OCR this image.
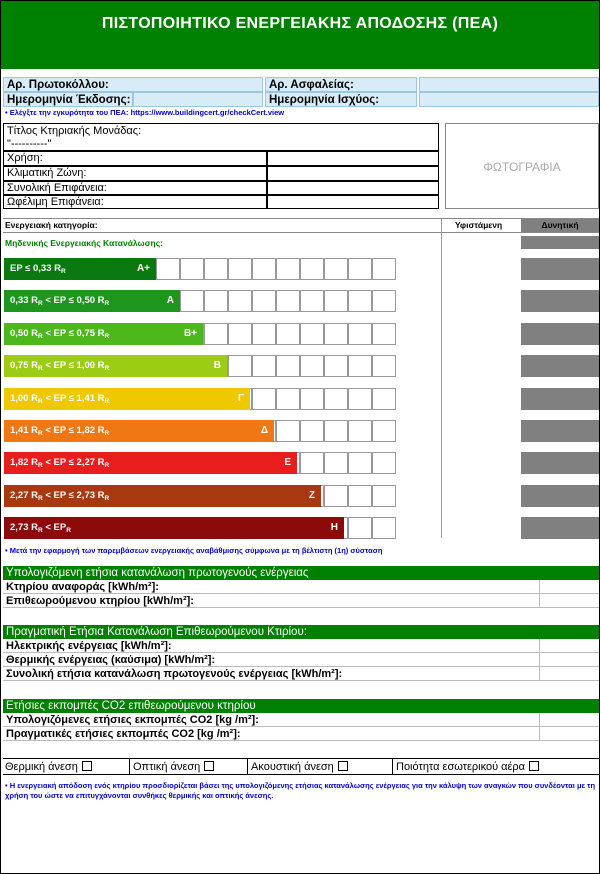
ΠΙΣΤΟΠΟΙΗΤΙΚΟ ΕΝΕΡΓΕΙΑΚΗΣ ΑΠΟΔΟΣΗΣ (ΠΕΑ)
Αρ. Πρωτοκόλλου:	Αρ. Ασφαλείας:
Ημερομηνία Έκδοσης:	Ημερομηνία Ισχύος:
• Ελέγξτε την εγκυρότητα του ΠΕΑ: https://www.buildingcert.gr/checkCert.view
Τίτλος Κτηριακής Μονάδας:
"----------"
Χρήση:
Κλιματική Ζώνη:
Συνολική Επιφάνεια:
Ωφέλιμη Επιφάνεια:
ΦΩΤΟΓΡΑΦΙΑ
Ενεργειακή κατηγορία:	Υφιστάμενη	Δυνητική
Μηδενικής Ενεργειακής Κατανάλωσης:
EP ≤ 0,33 $R_R$	A+
0,33 $R_R$ < EP ≤ 0,50 $R_R$	A
0,50 $R_R$ < EP ≤ 0,75 $R_R$	B+
0,75 $R_R$ < EP ≤ 1,00 $R_R$	B
1,00 $R_R$ < EP ≤ 1,41 $R_R$	Γ
1,41 $R_R$ < EP ≤ 1,82 $R_R$	Δ
1,82 $R_R$ < EP ≤ 2,27 $R_R$	E
2,27 $R_R$ < EP ≤ 2,73 $R_R$	Z
2,73 $R_R < EP_R$	H
• Μετά την εφαρμογή των παρεμβάσεων ενεργειακής αναβάθμισης σύμφωνα με τη βέλτιστη (1η) σύσταση
Υπολογιζόμενη ετήσια κατανάλωση πρωτογενούς ενέργειας
Κτηρίου αναφοράς [kWh/m²]:
Επιθεωρούμενου κτηρίου [kWh/m²]:
Πραγματική Ετήσια Κατανάλωση Επιθεωρούμενου Κτιρίου:
Ηλεκτρικής ενέργειας [kWh/m²]:
Θερμικής ενέργειας (καύσιμα) [kWh/m²]:
Συνολική ετήσια κατανάλωση πρωτογενούς ενέργειας [kWh/m²]:
Ετήσιες εκπομπές CO2 επιθεωρούμενου κτηρίου
Υπολογιζόμενες ετήσιες εκπομπές CO2 [kg /m²]:
Πραγματικές ετήσιες εκπομπές CO2 [kg /m²]:
Θερμική άνεση	Οπτική άνεση	Ακουστική άνεση	Ποιότητα εσωτερικού αέρα
• Η ενεργειακή απόδοση ενός κτηρίου προσδιορίζεται βάσει της υπολογιζόμενης ετήσιας κατανάλωσης ενέργειας για την κάλυψη των αναγκών που συνδέονται με τη χρήση του ώστε να επιτυγχάνονται συνθήκες θερμικής και οπτικής άνεσης.
